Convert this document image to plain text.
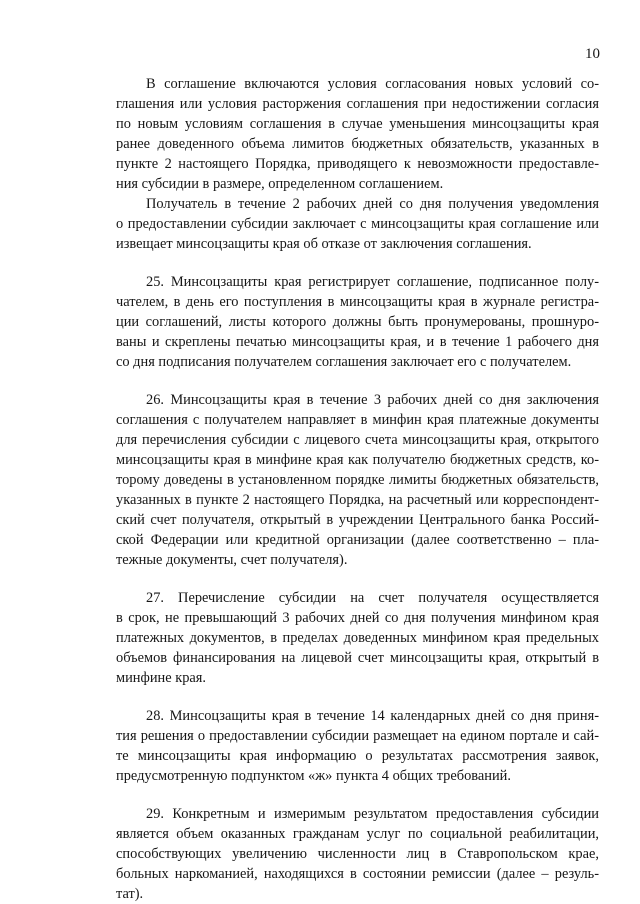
10
В соглашение включаются условия согласования новых условий со-
глашения или условия расторжения соглашения при недостижении согласия
по новым условиям соглашения в случае уменьшения минсоцзащиты края
ранее доведенного объема лимитов бюджетных обязательств, указанных в
пункте 2 настоящего Порядка, приводящего к невозможности предоставле-
ния субсидии в размере, определенном соглашением.
Получатель в течение 2 рабочих дней со дня получения уведомления
о предоставлении субсидии заключает с минсоцзащиты края соглашение или
извещает минсоцзащиты края об отказе от заключения соглашения.
25. Минсоцзащиты края регистрирует соглашение, подписанное полу-
чателем, в день его поступления в минсоцзащиты края в журнале регистра-
ции соглашений, листы которого должны быть пронумерованы, прошнуро-
ваны и скреплены печатью минсоцзащиты края, и в течение 1 рабочего дня
со дня подписания получателем соглашения заключает его с получателем.
26. Минсоцзащиты края в течение 3 рабочих дней со дня заключения
соглашения с получателем направляет в минфин края платежные документы
для перечисления субсидии с лицевого счета минсоцзащиты края, открытого
минсоцзащиты края в минфине края как получателю бюджетных средств, ко-
торому доведены в установленном порядке лимиты бюджетных обязательств,
указанных в пункте 2 настоящего Порядка, на расчетный или корреспондент-
ский счет получателя, открытый в учреждении Центрального банка Россий-
ской Федерации или кредитной организации (далее соответственно – пла-
тежные документы, счет получателя).
27. Перечисление субсидии на счет получателя осуществляется
в срок, не превышающий 3 рабочих дней со дня получения минфином края
платежных документов, в пределах доведенных минфином края предельных
объемов финансирования на лицевой счет минсоцзащиты края, открытый в
минфине края.
28. Минсоцзащиты края в течение 14 календарных дней со дня приня-
тия решения о предоставлении субсидии размещает на едином портале и сай-
те минсоцзащиты края информацию о результатах рассмотрения заявок,
предусмотренную подпунктом «ж» пункта 4 общих требований.
29. Конкретным и измеримым результатом предоставления субсидии
является объем оказанных гражданам услуг по социальной реабилитации,
способствующих увеличению численности лиц в Ставропольском крае,
больных наркоманией, находящихся в состоянии ремиссии (далее – резуль-
тат).
